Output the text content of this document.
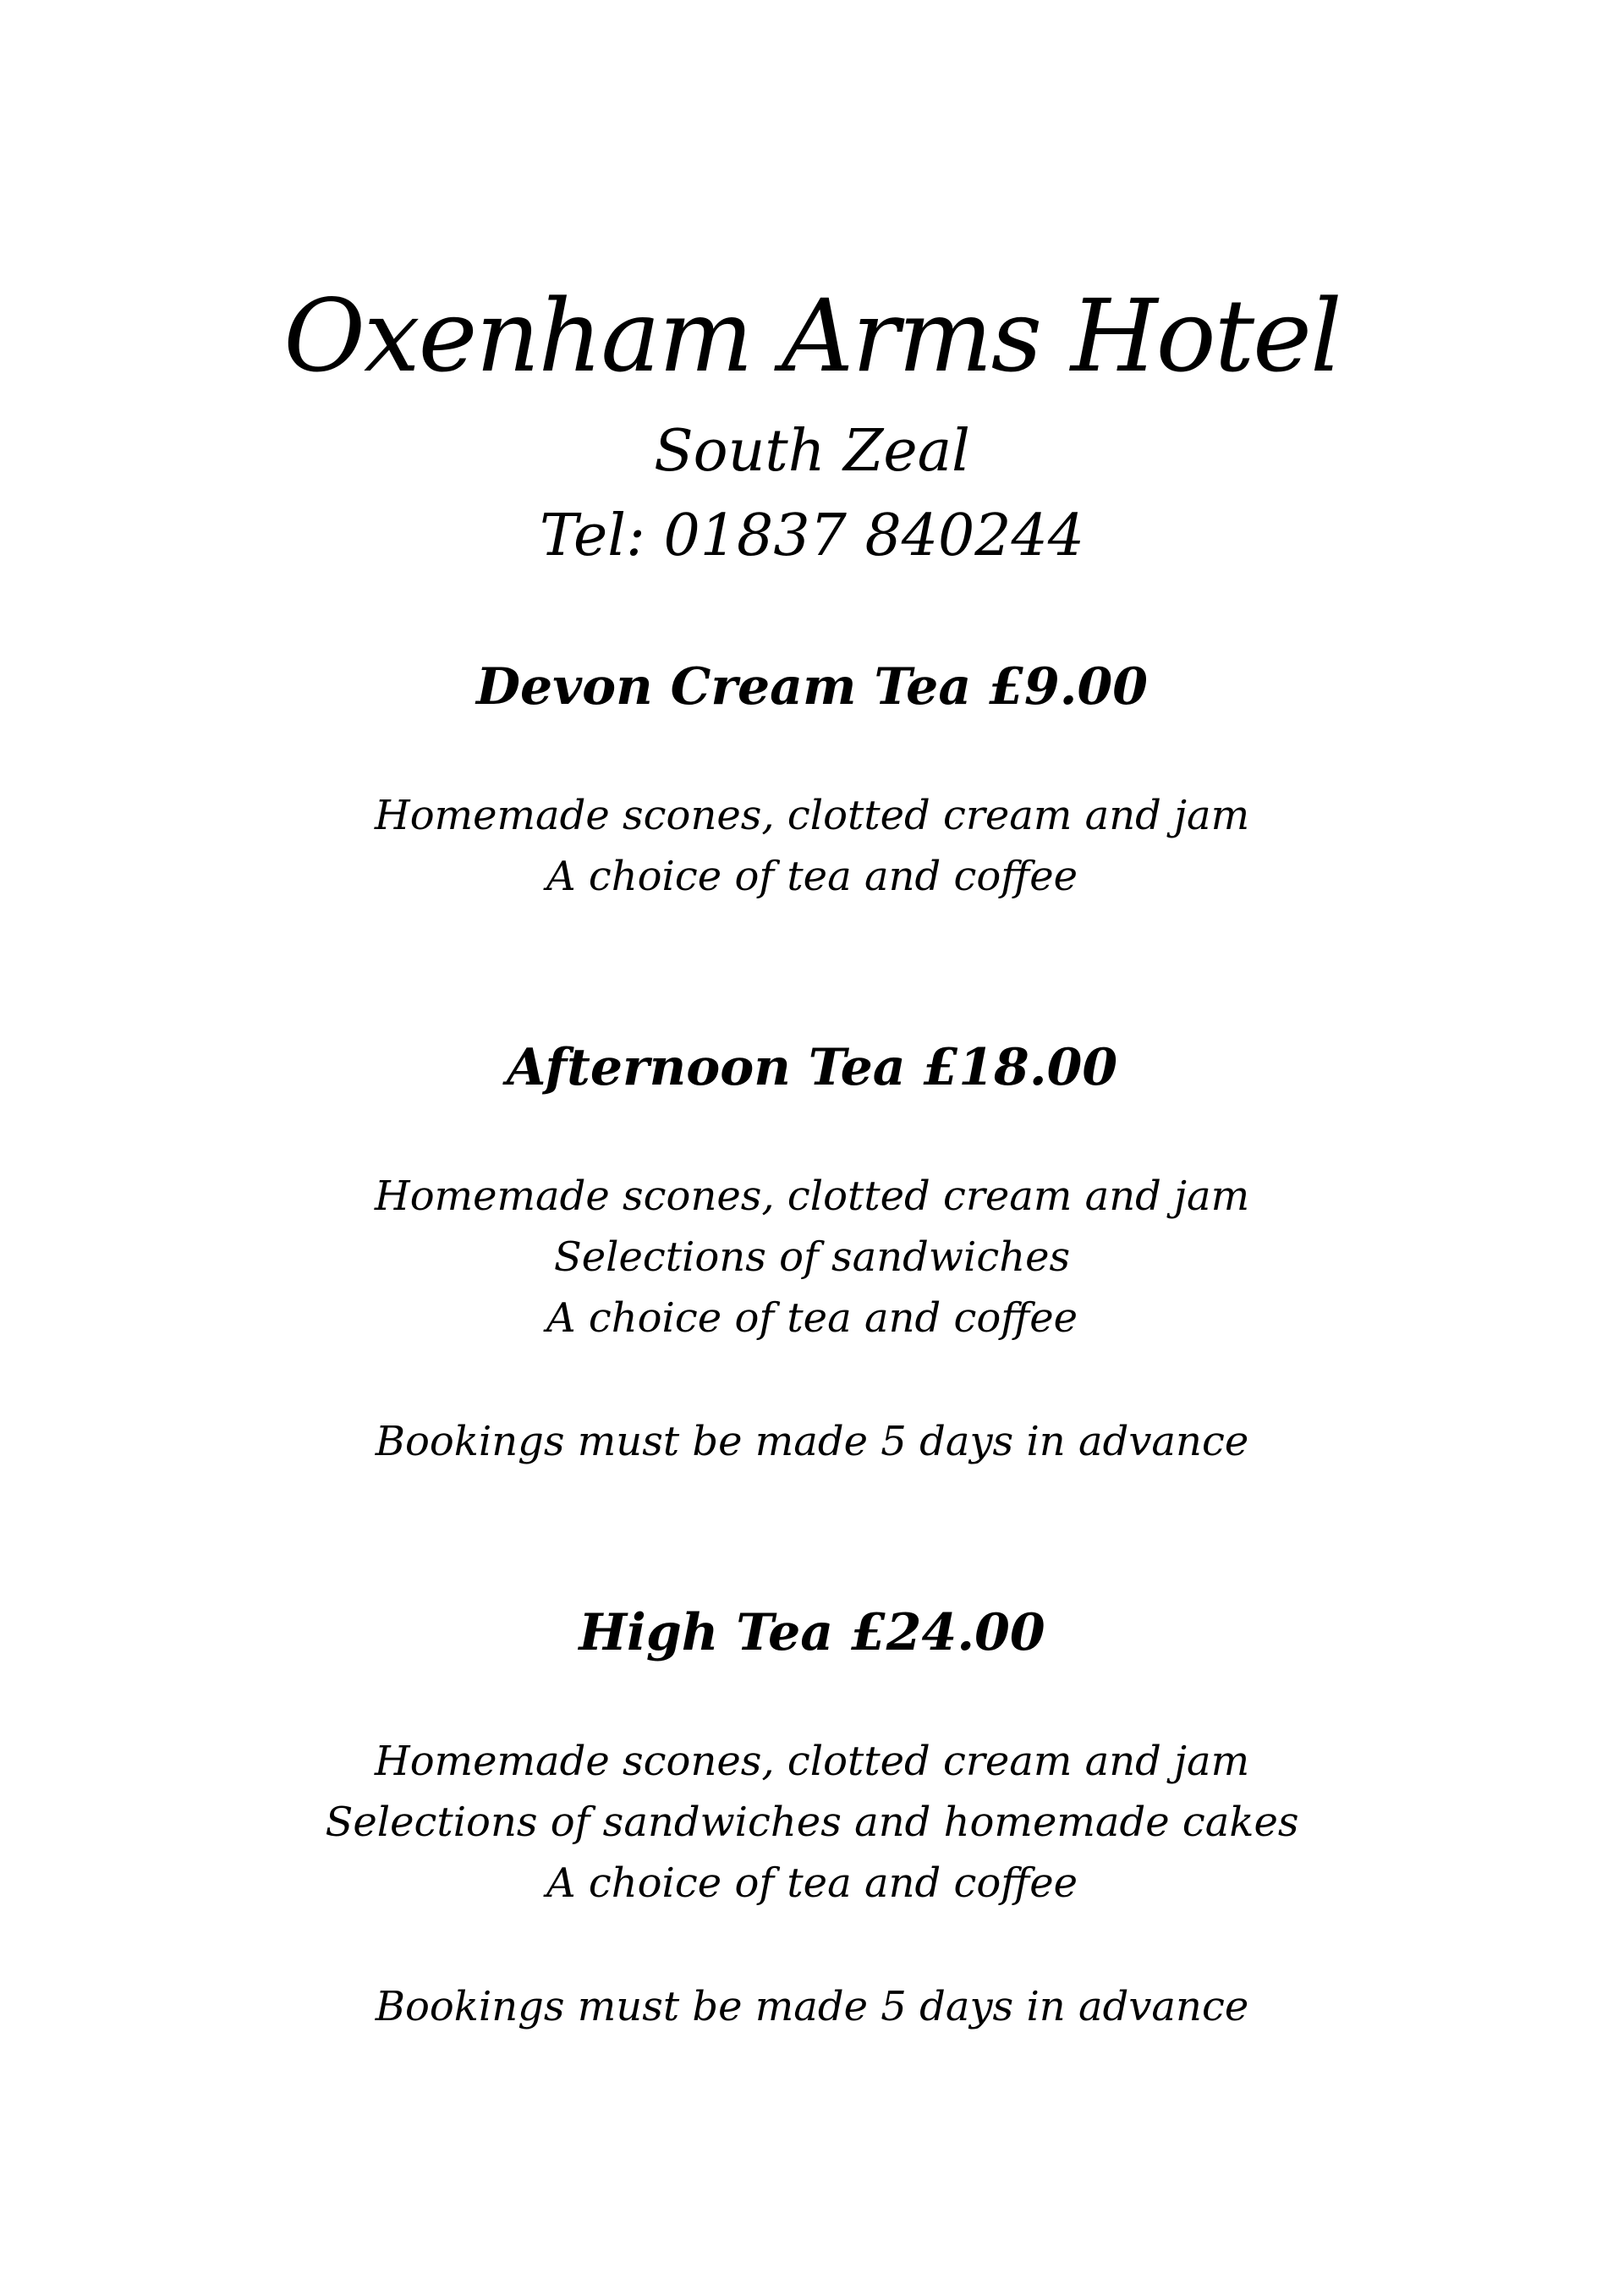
Oxenham Arms Hotel
South Zeal
Tel: 01837 840244
Devon Cream Tea £9.00
Homemade scones, clotted cream and jam
A choice of tea and coffee
Afternoon Tea £18.00
Homemade scones, clotted cream and jam
Selections of sandwiches
A choice of tea and coffee
Bookings must be made 5 days in advance
High Tea £24.00
Homemade scones, clotted cream and jam
Selections of sandwiches and homemade cakes
A choice of tea and coffee
Bookings must be made 5 days in advance
